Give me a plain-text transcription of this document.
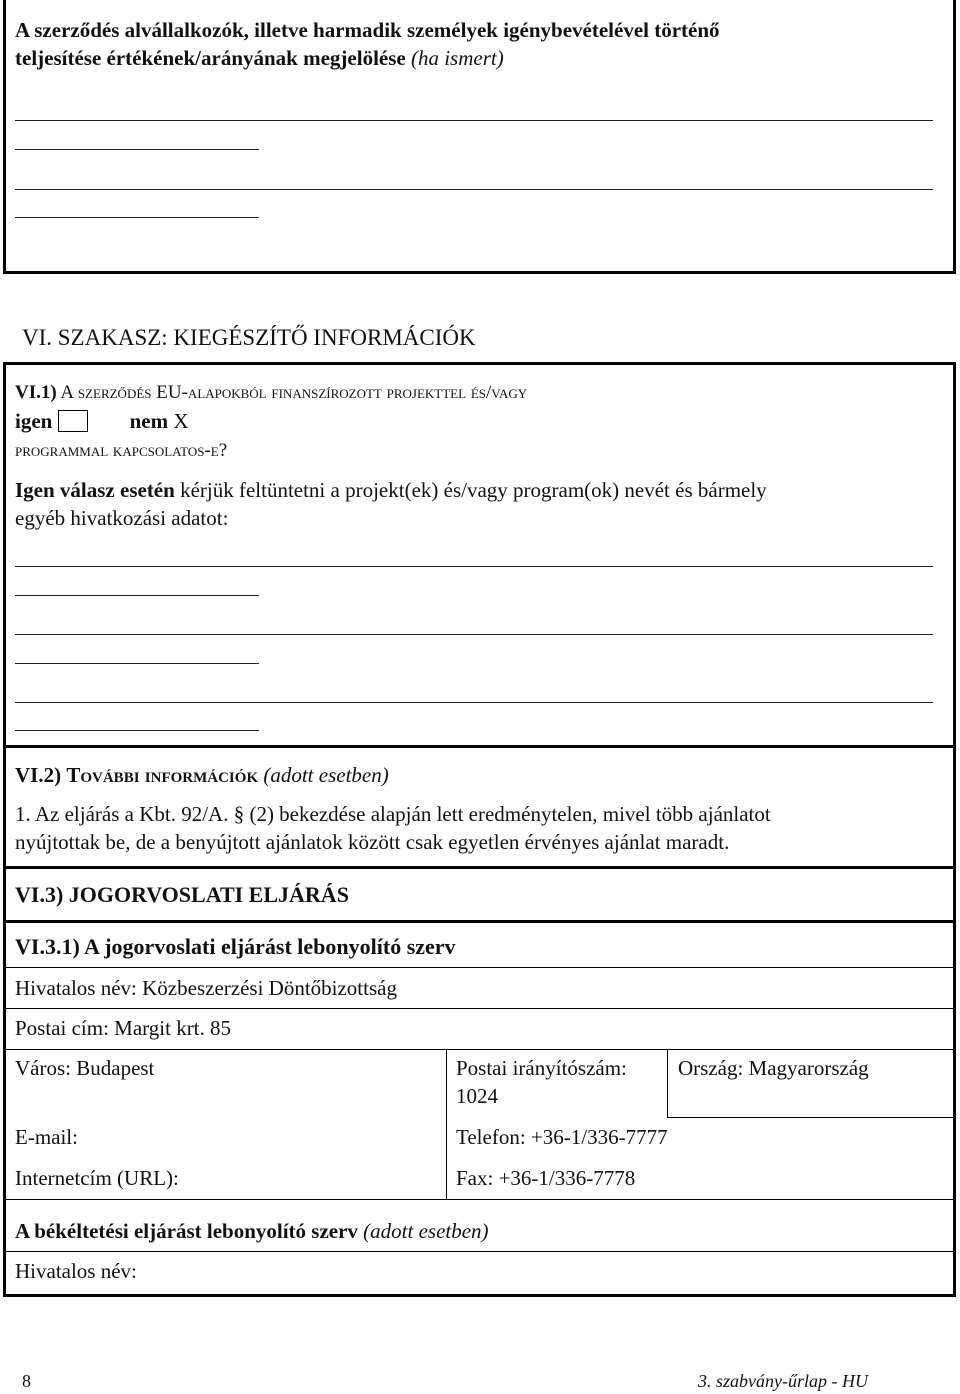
A szerződés alvállalkozók, illetve harmadik személyek igénybevételével történő
teljesítése értékének/arányának megjelölése (ha ismert)
VI. SZAKASZ: KIEGÉSZÍTŐ INFORMÁCIÓK
VI.1) A szerződés EU-alapokból finanszírozott projekttel és/vagy
igen	nem X
programmal kapcsolatos-e?
Igen válasz esetén kérjük feltüntetni a projekt(ek) és/vagy program(ok) nevét és bármely
egyéb hivatkozási adatot:
VI.2) További információk (adott esetben)
1. Az eljárás a Kbt. 92/A. § (2) bekezdése alapján lett eredménytelen, mivel több ajánlatot
nyújtottak be, de a benyújtott ajánlatok között csak egyetlen érvényes ajánlat maradt.
VI.3) JOGORVOSLATI ELJÁRÁS
VI.3.1) A jogorvoslati eljárást lebonyolító szerv
Hivatalos név: Közbeszerzési Döntőbizottság
Postai cím: Margit krt. 85
Város: Budapest	Postai irányítószám:
1024
Ország: Magyarország
E-mail:	Telefon: +36-1/336-7777
Internetcím (URL):	Fax: +36-1/336-7778
A békéltetési eljárást lebonyolító szerv (adott esetben)
Hivatalos név:
8	3. szabvány-űrlap - HU
